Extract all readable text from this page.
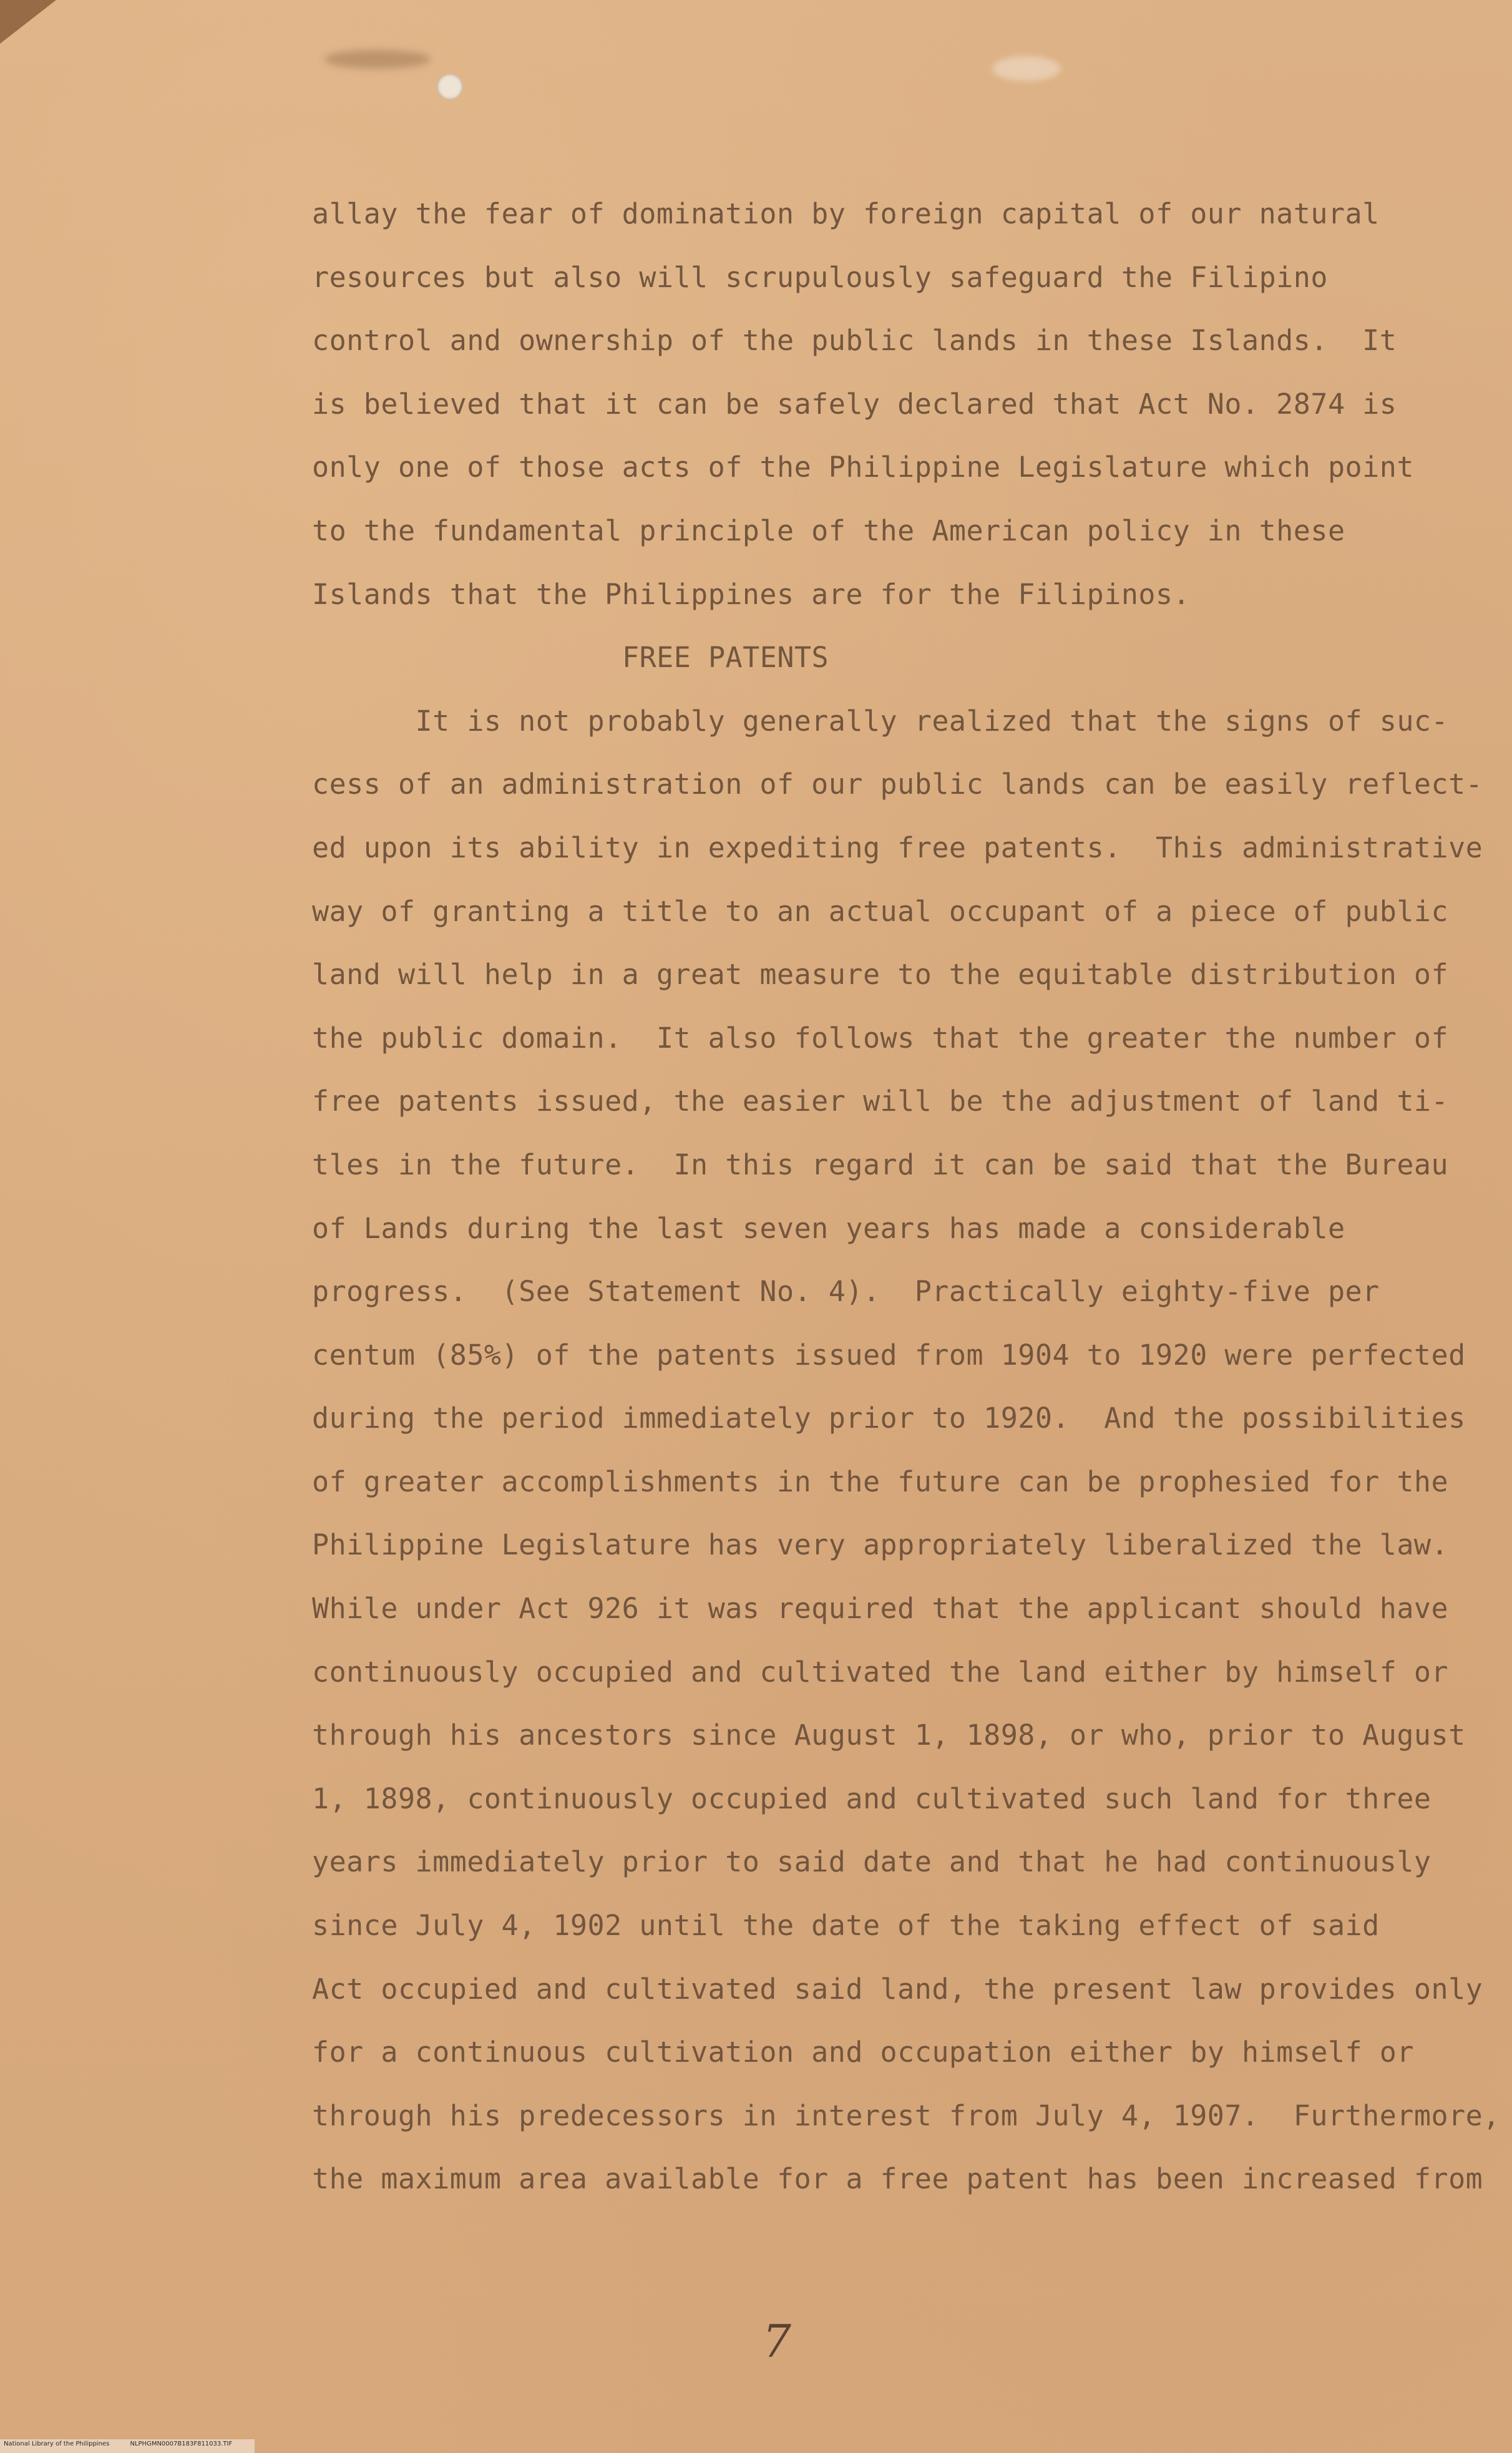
allay the fear of domination by foreign capital of our natural
resources but also will scrupulously safeguard the Filipino
control and ownership of the public lands in these Islands.  It
is believed that it can be safely declared that Act No. 2874 is
only one of those acts of the Philippine Legislature which point
to the fundamental principle of the American policy in these
Islands that the Philippines are for the Filipinos.
FREE PATENTS
It is not probably generally realized that the signs of suc-
cess of an administration of our public lands can be easily reflect-
ed upon its ability in expediting free patents.  This administrative
way of granting a title to an actual occupant of a piece of public
land will help in a great measure to the equitable distribution of
the public domain.  It also follows that the greater the number of
free patents issued, the easier will be the adjustment of land ti-
tles in the future.  In this regard it can be said that the Bureau
of Lands during the last seven years has made a considerable
progress.  (See Statement No. 4).  Practically eighty-five per
centum (85%) of the patents issued from 1904 to 1920 were perfected
during the period immediately prior to 1920.  And the possibilities
of greater accomplishments in the future can be prophesied for the
Philippine Legislature has very appropriately liberalized the law.
While under Act 926 it was required that the applicant should have
continuously occupied and cultivated the land either by himself or
through his ancestors since August 1, 1898, or who, prior to August
1, 1898, continuously occupied and cultivated such land for three
years immediately prior to said date and that he had continuously
since July 4, 1902 until the date of the taking effect of said
Act occupied and cultivated said land, the present law provides only
for a continuous cultivation and occupation either by himself or
through his predecessors in interest from July 4, 1907.  Furthermore,
the maximum area available for a free patent has been increased from
7
National Library of the Philippines	NLPHGMN0007B183F811033.TIF
